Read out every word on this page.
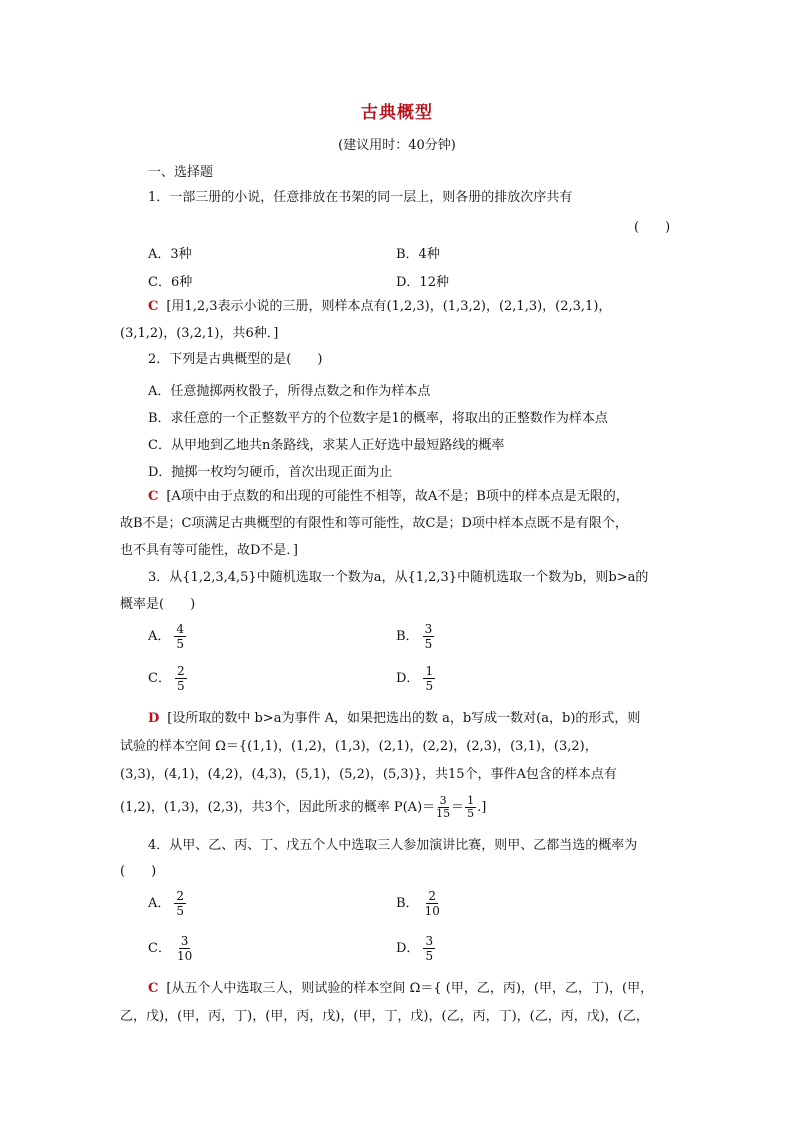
古典概型
(建议用时：40分钟)
一、选择题
1．一部三册的小说，任意排放在书架的同一层上，则各册的排放次序共有
(　　)
A．3种	B．4种
C．6种	D．12种
C [用1,2,3表示小说的三册，则样本点有(1,2,3)，(1,3,2)，(2,1,3)，(2,3,1)，
(3,1,2)，(3,2,1)，共6种．]
2．下列是古典概型的是(　　)
A．任意抛掷两枚骰子，所得点数之和作为样本点
B．求任意的一个正整数平方的个位数字是1的概率，将取出的正整数作为样本点
C．从甲地到乙地共n条路线，求某人正好选中最短路线的概率
D．抛掷一枚均匀硬币，首次出现正面为止
C [A项中由于点数的和出现的可能性不相等，故A不是；B项中的样本点是无限的，
故B不是；C项满足古典概型的有限性和等可能性，故C是；D项中样本点既不是有限个，
也不具有等可能性，故D不是．]
3．从{1,2,3,4,5}中随机选取一个数为a，从{1,2,3}中随机选取一个数为b，则b>a的
概率是(　　)
A． $\frac{4}{5}$	B． $\frac{3}{5}$
C． $\frac{2}{5}$	D． $\frac{1}{5}$
D [设所取的数中 b>a为事件 A，如果把选出的数 a，b写成一数对(a，b)的形式，则
试验的样本空间 Ω＝{(1,1)，(1,2)，(1,3)，(2,1)，(2,2)，(2,3)，(3,1)，(3,2)，
(3,3)，(4,1)，(4,2)，(4,3)，(5,1)，(5,2)，(5,3)}，共15个，事件A包含的样本点有
(1,2)，(1,3)，(2,3)，共3个，因此所求的概率 $P(A)= \frac{3}{15} = \frac{1}{5}$ .]
4．从甲、乙、丙、丁、戊五个人中选取三人参加演讲比赛，则甲、乙都当选的概率为
(　　)
A． $\frac{2}{5}$	B． $\frac{2}{10}$
C． $\frac{3}{10}$	D． $\frac{3}{5}$
C [从五个人中选取三人，则试验的样本空间 Ω＝{ (甲，乙，丙)，(甲，乙，丁)，(甲，
乙，戊)，(甲，丙，丁)，(甲，丙，戊)，(甲，丁，戊)，(乙，丙，丁)，(乙，丙，戊)，(乙，
